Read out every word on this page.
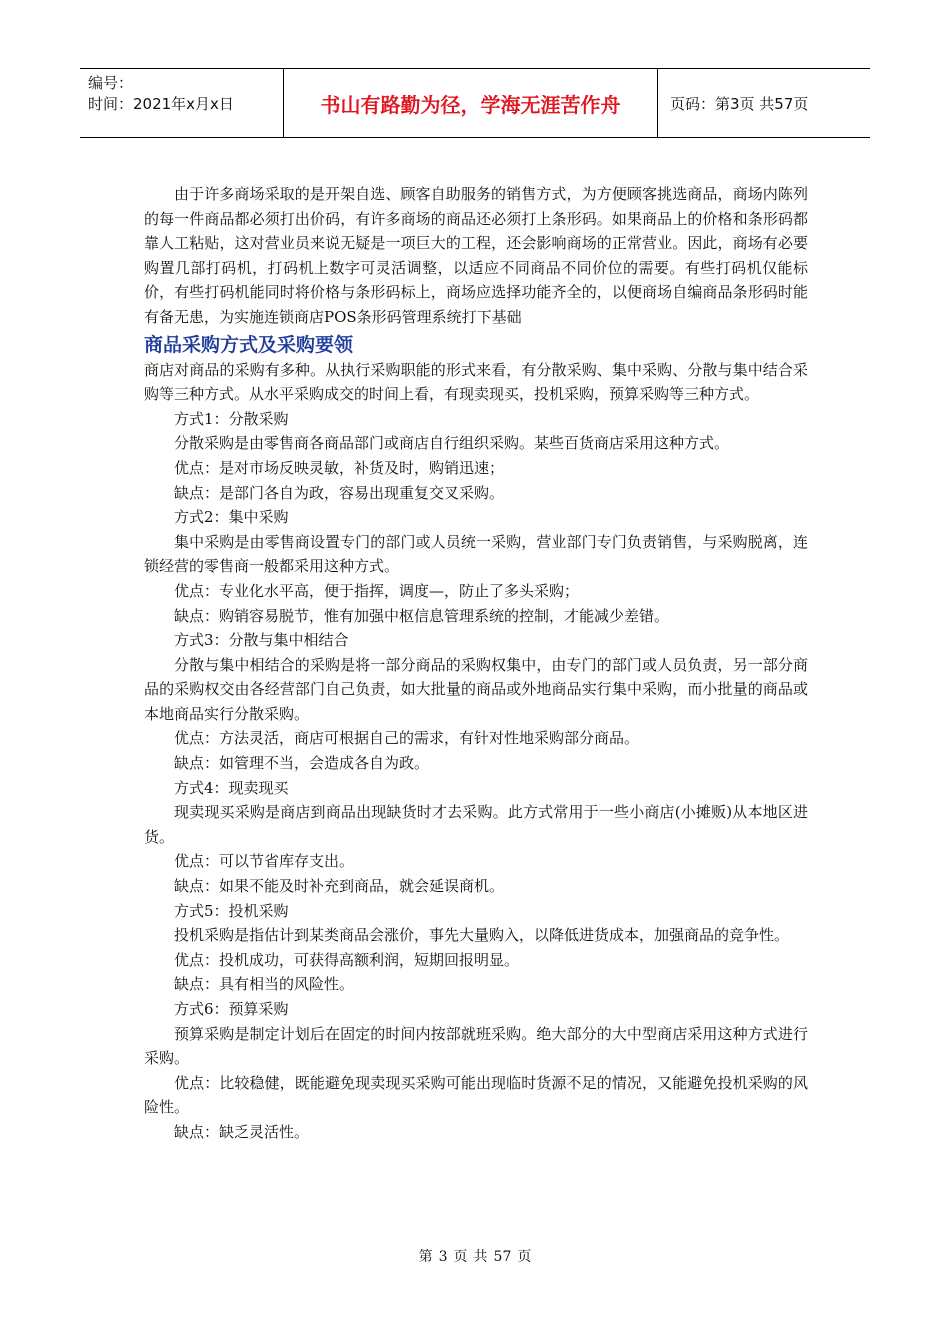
编号：
时间：2021年x月x日	书山有路勤为径，学海无涯苦作舟	页码：第3页 共57页

由于许多商场采取的是开架自选、顾客自助服务的销售方式，为方便顾客挑选商品，商场内陈列的每一件商品都必须打出价码，有许多商场的商品还必须打上条形码。如果商品上的价格和条形码都靠人工粘贴，这对营业员来说无疑是一项巨大的工程，还会影响商场的正常营业。因此，商场有必要购置几部打码机，打码机上数字可灵活调整，以适应不同商品不同价位的需要。有些打码机仅能标价，有些打码机能同时将价格与条形码标上，商场应选择功能齐全的，以便商场自编商品条形码时能有备无患，为实施连锁商店POS条形码管理系统打下基础

商品采购方式及采购要领

商店对商品的采购有多种。从执行采购职能的形式来看，有分散采购、集中采购、分散与集中结合采购等三种方式。从水平采购成交的时间上看，有现卖现买，投机采购，预算采购等三种方式。

方式1：分散采购

分散采购是由零售商各商品部门或商店自行组织采购。某些百货商店采用这种方式。

优点：是对市场反映灵敏，补货及时，购销迅速；

缺点：是部门各自为政，容易出现重复交叉采购。

方式2：集中采购

集中采购是由零售商设置专门的部门或人员统一采购，营业部门专门负责销售，与采购脱离，连锁经营的零售商一般都采用这种方式。

优点：专业化水平高，便于指挥，调度—，防止了多头采购；

缺点：购销容易脱节，惟有加强中枢信息管理系统的控制，才能减少差错。

方式3：分散与集中相结合

分散与集中相结合的采购是将一部分商品的采购权集中，由专门的部门或人员负责，另一部分商品的采购权交由各经营部门自己负责，如大批量的商品或外地商品实行集中采购，而小批量的商品或本地商品实行分散采购。

优点：方法灵活，商店可根据自己的需求，有针对性地采购部分商品。

缺点：如管理不当，会造成各自为政。

方式4：现卖现买

现卖现买采购是商店到商品出现缺货时才去采购。此方式常用于一些小商店(小摊贩)从本地区进货。

优点：可以节省库存支出。

缺点：如果不能及时补充到商品，就会延误商机。

方式5：投机采购

投机采购是指估计到某类商品会涨价，事先大量购入，以降低进货成本，加强商品的竞争性。

优点：投机成功，可获得高额利润，短期回报明显。

缺点：具有相当的风险性。

方式6：预算采购

预算采购是制定计划后在固定的时间内按部就班采购。绝大部分的大中型商店采用这种方式进行采购。

优点：比较稳健，既能避免现卖现买采购可能出现临时货源不足的情况，又能避免投机采购的风险性。

缺点：缺乏灵活性。

第 3 页 共 57 页
